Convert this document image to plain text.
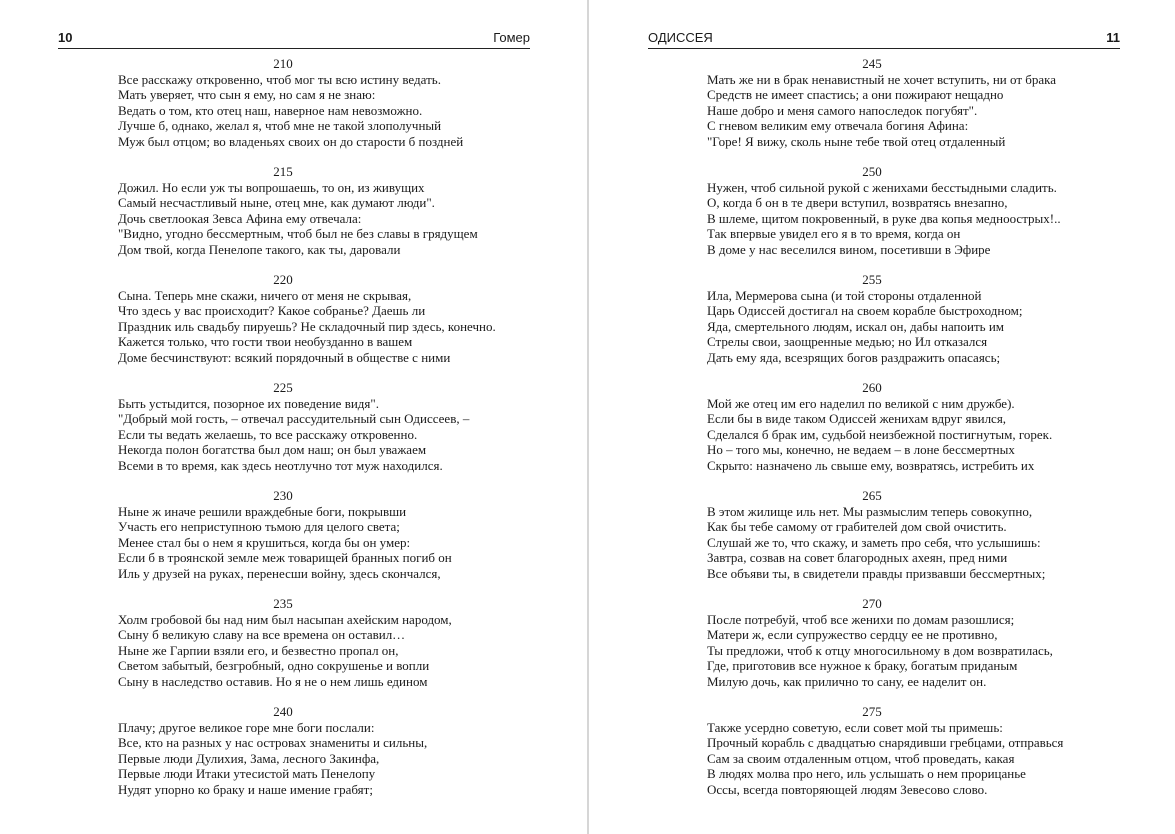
10	Гомер
210
Все расскажу откровенно, чтоб мог ты всю истину ведать.
Мать уверяет, что сын я ему, но сам я не знаю:
Ведать о том, кто отец наш, наверное нам невозможно.
Лучше б, однако, желал я, чтоб мне не такой злополучный
Муж был отцом; во владеньях своих он до старости б поздней
215
Дожил. Но если уж ты вопрошаешь, то он, из живущих
Самый несчастливый ныне, отец мне, как думают люди".
Дочь светлоокая Зевса Афина ему отвечала:
"Видно, угодно бессмертным, чтоб был не без славы в грядущем
Дом твой, когда Пенелопе такого, как ты, даровали
220
Сына. Теперь мне скажи, ничего от меня не скрывая,
Что здесь у вас происходит? Какое собранье? Даешь ли
Праздник иль свадьбу пируешь? Не складочный пир здесь, конечно.
Кажется только, что гости твои необузданно в вашем
Доме бесчинствуют: всякий порядочный в обществе с ними
225
Быть устыдится, позорное их поведение видя".
"Добрый мой гость, – отвечал рассудительный сын Одиссеев, –
Если ты ведать желаешь, то все расскажу откровенно.
Некогда полон богатства был дом наш; он был уважаем
Всеми в то время, как здесь неотлучно тот муж находился.
230
Ныне ж иначе решили враждебные боги, покрывши
Участь его неприступною тьмою для целого света;
Менее стал бы о нем я крушиться, когда бы он умер:
Если б в троянской земле меж товарищей бранных погиб он
Иль у друзей на руках, перенесши войну, здесь скончался,
235
Холм гробовой бы над ним был насыпан ахейским народом,
Сыну б великую славу на все времена он оставил…
Ныне же Гарпии взяли его, и безвестно пропал он,
Светом забытый, безгробный, одно сокрушенье и вопли
Сыну в наследство оставив. Но я не о нем лишь едином
240
Плачу; другое великое горе мне боги послали:
Все, кто на разных у нас островах знамениты и сильны,
Первые люди Дулихия, Зама, лесного Закинфа,
Первые люди Итаки утесистой мать Пенелопу
Нудят упорно ко браку и наше имение грабят;
ОДИССЕЯ	11
245
Мать же ни в брак ненавистный не хочет вступить, ни от брака
Средств не имеет спастись; а они пожирают нещадно
Наше добро и меня самого напоследок погубят".
С гневом великим ему отвечала богиня Афина:
"Горе! Я вижу, сколь ныне тебе твой отец отдаленный
250
Нужен, чтоб сильной рукой с женихами бесстыдными сладить.
О, когда б он в те двери вступил, возвратясь внезапно,
В шлеме, щитом покровенный, в руке два копья медноострых!..
Так впервые увидел его я в то время, когда он
В доме у нас веселился вином, посетивши в Эфире
255
Ила, Мермерова сына (и той стороны отдаленной
Царь Одиссей достигал на своем корабле быстроходном;
Яда, смертельного людям, искал он, дабы напоить им
Стрелы свои, заощренные медью; но Ил отказался
Дать ему яда, всезрящих богов раздражить опасаясь;
260
Мой же отец им его наделил по великой с ним дружбе).
Если бы в виде таком Одиссей женихам вдруг явился,
Сделался б брак им, судьбой неизбежной постигнутым, горек.
Но – того мы, конечно, не ведаем – в лоне бессмертных
Скрыто: назначено ль свыше ему, возвратясь, истребить их
265
В этом жилище иль нет. Мы размыслим теперь совокупно,
Как бы тебе самому от грабителей дом свой очистить.
Слушай же то, что скажу, и заметь про себя, что услышишь:
Завтра, созвав на совет благородных ахеян, пред ними
Все объяви ты, в свидетели правды призвавши бессмертных;
270
После потребуй, чтоб все женихи по домам разошлися;
Матери ж, если супружество сердцу ее не противно,
Ты предложи, чтоб к отцу многосильному в дом возвратилась,
Где, приготовив все нужное к браку, богатым приданым
Милую дочь, как прилично то сану, ее наделит он.
275
Также усердно советую, если совет мой ты примешь:
Прочный корабль с двадцатью снарядивши гребцами, отправься
Сам за своим отдаленным отцом, чтоб проведать, какая
В людях молва про него, иль услышать о нем прорицанье
Оссы, всегда повторяющей людям Зевесово слово.
